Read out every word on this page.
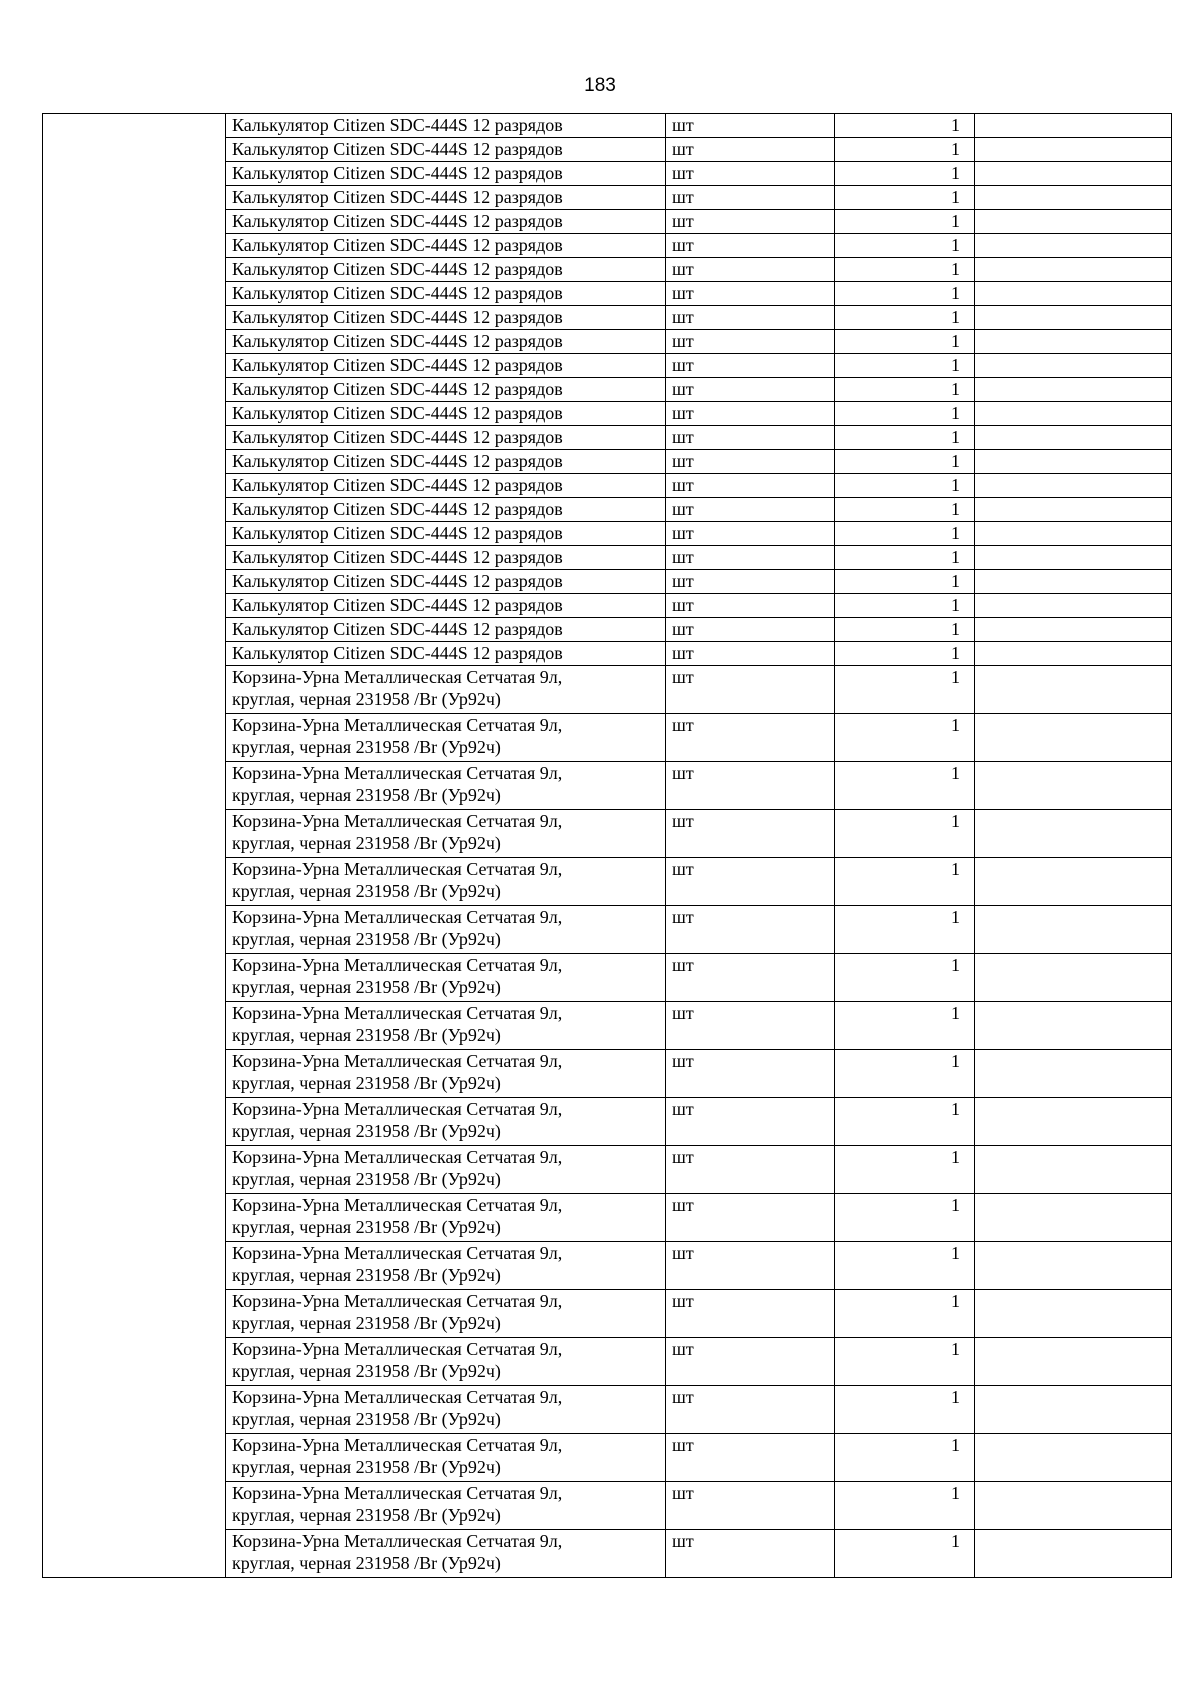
183

	Калькулятор Citizen SDC-444S 12 разрядов	шт	1	

	Калькулятор Citizen SDC-444S 12 разрядов	шт	1	

	Калькулятор Citizen SDC-444S 12 разрядов	шт	1	

	Калькулятор Citizen SDC-444S 12 разрядов	шт	1	

	Калькулятор Citizen SDC-444S 12 разрядов	шт	1	

	Калькулятор Citizen SDC-444S 12 разрядов	шт	1	

	Калькулятор Citizen SDC-444S 12 разрядов	шт	1	

	Калькулятор Citizen SDC-444S 12 разрядов	шт	1	

	Калькулятор Citizen SDC-444S 12 разрядов	шт	1	

	Калькулятор Citizen SDC-444S 12 разрядов	шт	1	

	Калькулятор Citizen SDC-444S 12 разрядов	шт	1	

	Калькулятор Citizen SDC-444S 12 разрядов	шт	1	

	Калькулятор Citizen SDC-444S 12 разрядов	шт	1	

	Калькулятор Citizen SDC-444S 12 разрядов	шт	1	

	Калькулятор Citizen SDC-444S 12 разрядов	шт	1	

	Калькулятор Citizen SDC-444S 12 разрядов	шт	1	

	Калькулятор Citizen SDC-444S 12 разрядов	шт	1	

	Калькулятор Citizen SDC-444S 12 разрядов	шт	1	

	Калькулятор Citizen SDC-444S 12 разрядов	шт	1	

	Калькулятор Citizen SDC-444S 12 разрядов	шт	1	

	Калькулятор Citizen SDC-444S 12 разрядов	шт	1	

	Калькулятор Citizen SDC-444S 12 разрядов	шт	1	

	Калькулятор Citizen SDC-444S 12 разрядов	шт	1	

	Корзина-Урна Металлическая Сетчатая 9л,
круглая, черная 231958 /Br (Ур92ч)	шт	1	

	Корзина-Урна Металлическая Сетчатая 9л,
круглая, черная 231958 /Br (Ур92ч)	шт	1	

	Корзина-Урна Металлическая Сетчатая 9л,
круглая, черная 231958 /Br (Ур92ч)	шт	1	

	Корзина-Урна Металлическая Сетчатая 9л,
круглая, черная 231958 /Br (Ур92ч)	шт	1	

	Корзина-Урна Металлическая Сетчатая 9л,
круглая, черная 231958 /Br (Ур92ч)	шт	1	

	Корзина-Урна Металлическая Сетчатая 9л,
круглая, черная 231958 /Br (Ур92ч)	шт	1	

	Корзина-Урна Металлическая Сетчатая 9л,
круглая, черная 231958 /Br (Ур92ч)	шт	1	

	Корзина-Урна Металлическая Сетчатая 9л,
круглая, черная 231958 /Br (Ур92ч)	шт	1	

	Корзина-Урна Металлическая Сетчатая 9л,
круглая, черная 231958 /Br (Ур92ч)	шт	1	

	Корзина-Урна Металлическая Сетчатая 9л,
круглая, черная 231958 /Br (Ур92ч)	шт	1	

	Корзина-Урна Металлическая Сетчатая 9л,
круглая, черная 231958 /Br (Ур92ч)	шт	1	

	Корзина-Урна Металлическая Сетчатая 9л,
круглая, черная 231958 /Br (Ур92ч)	шт	1	

	Корзина-Урна Металлическая Сетчатая 9л,
круглая, черная 231958 /Br (Ур92ч)	шт	1	

	Корзина-Урна Металлическая Сетчатая 9л,
круглая, черная 231958 /Br (Ур92ч)	шт	1	

	Корзина-Урна Металлическая Сетчатая 9л,
круглая, черная 231958 /Br (Ур92ч)	шт	1	

	Корзина-Урна Металлическая Сетчатая 9л,
круглая, черная 231958 /Br (Ур92ч)	шт	1	

	Корзина-Урна Металлическая Сетчатая 9л,
круглая, черная 231958 /Br (Ур92ч)	шт	1	

	Корзина-Урна Металлическая Сетчатая 9л,
круглая, черная 231958 /Br (Ур92ч)	шт	1	

	Корзина-Урна Металлическая Сетчатая 9л,
круглая, черная 231958 /Br (Ур92ч)	шт	1	
